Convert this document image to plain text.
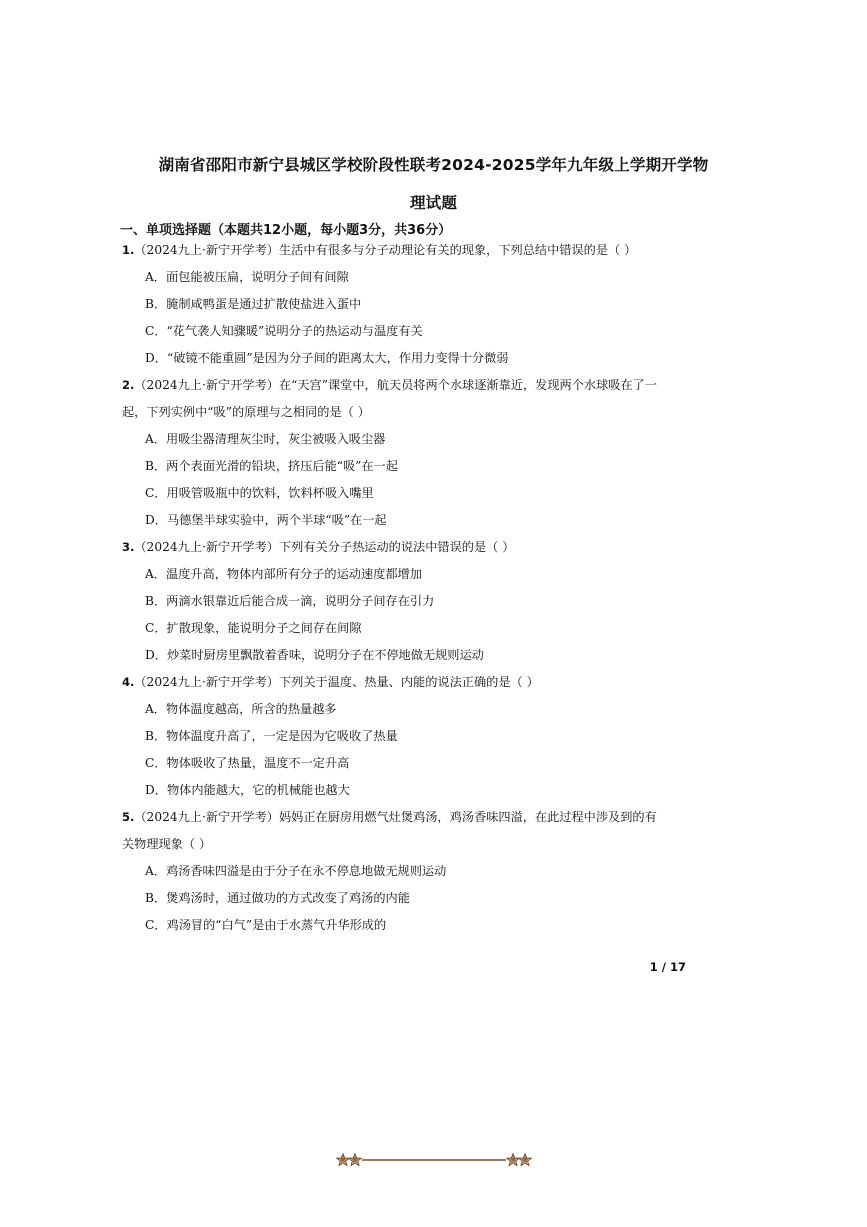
湖南省邵阳市新宁县城区学校阶段性联考2024-2025学年九年级上学期开学物
理试题
一、单项选择题（本题共12小题，每小题3分，共36分）
1.（2024九上·新宁开学考）生活中有很多与分子动理论有关的现象，下列总结中错误的是（ ）
A．面包能被压扁，说明分子间有间隙
B．腌制咸鸭蛋是通过扩散使盐进入蛋中
C．“花气袭人知骤暖”说明分子的热运动与温度有关
D．“破镜不能重圆”是因为分子间的距离太大，作用力变得十分微弱
2.（2024九上·新宁开学考）在“天宫”课堂中，航天员将两个水球逐渐靠近，发现两个水球吸在了一
起，下列实例中“吸”的原理与之相同的是（ ）
A．用吸尘器清理灰尘时，灰尘被吸入吸尘器
B．两个表面光滑的铅块，挤压后能“吸”在一起
C．用吸管吸瓶中的饮料，饮料杯吸入嘴里
D．马德堡半球实验中，两个半球“吸”在一起
3.（2024九上·新宁开学考）下列有关分子热运动的说法中错误的是（ ）
A．温度升高，物体内部所有分子的运动速度都增加
B．两滴水银靠近后能合成一滴，说明分子间存在引力
C．扩散现象，能说明分子之间存在间隙
D．炒菜时厨房里飘散着香味，说明分子在不停地做无规则运动
4.（2024九上·新宁开学考）下列关于温度、热量、内能的说法正确的是（ ）
A．物体温度越高，所含的热量越多
B．物体温度升高了，一定是因为它吸收了热量
C．物体吸收了热量，温度不一定升高
D．物体内能越大，它的机械能也越大
5.（2024九上·新宁开学考）妈妈正在厨房用燃气灶煲鸡汤，鸡汤香味四溢，在此过程中涉及到的有
关物理现象（ ）
A．鸡汤香味四溢是由于分子在永不停息地做无规则运动
B．煲鸡汤时，通过做功的方式改变了鸡汤的内能
C．鸡汤冒的“白气”是由于水蒸气升华形成的
1 / 17
